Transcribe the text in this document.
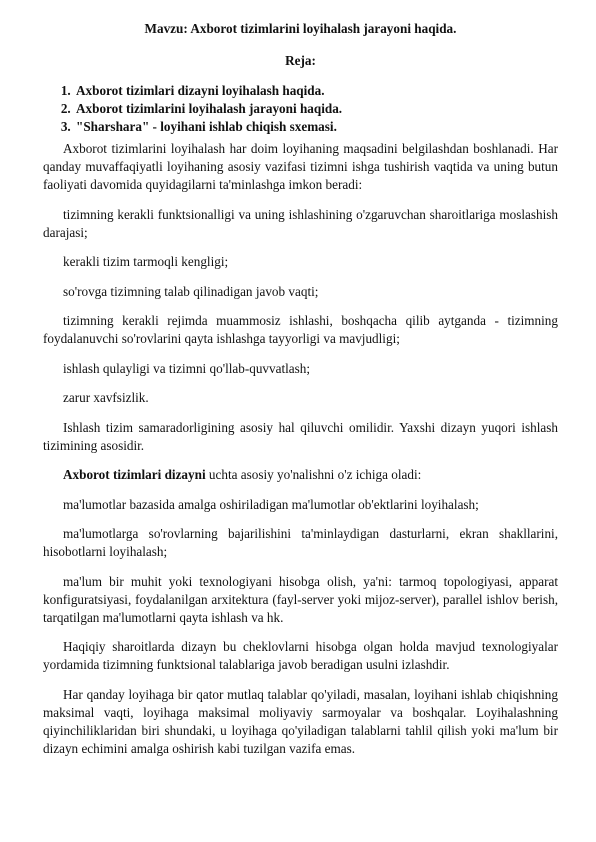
Mavzu: Axborot tizimlarini loyihalash jarayoni haqida.
Reja:
1. Axborot tizimlari dizayni loyihalash haqida.
2. Axborot tizimlarini loyihalash jarayoni haqida.
3. "Sharshara" - loyihani ishlab chiqish sxemasi.

Axborot tizimlarini loyihalash har doim loyihaning maqsadini belgilashdan boshlanadi. Har qanday muvaffaqiyatli loyihaning asosiy vazifasi tizimni ishga tushirish vaqtida va uning butun faoliyati davomida quyidagilarni ta'minlashga imkon beradi:

tizimning kerakli funktsionalligi va uning ishlashining o'zgaruvchan sharoitlariga moslashish darajasi;

kerakli tizim tarmoqli kengligi;

so'rovga tizimning talab qilinadigan javob vaqti;

tizimning kerakli rejimda muammosiz ishlashi, boshqacha qilib aytganda - tizimning foydalanuvchi so'rovlarini qayta ishlashga tayyorligi va mavjudligi;

ishlash qulayligi va tizimni qo'llab-quvvatlash;

zarur xavfsizlik.

Ishlash tizim samaradorligining asosiy hal qiluvchi omilidir. Yaxshi dizayn yuqori ishlash tizimining asosidir.

Axborot tizimlari dizayni uchta asosiy yo'nalishni o'z ichiga oladi:

ma'lumotlar bazasida amalga oshiriladigan ma'lumotlar ob'ektlarini loyihalash;

ma'lumotlarga so'rovlarning bajarilishini ta'minlaydigan dasturlarni, ekran shakllarini, hisobotlarni loyihalash;

ma'lum bir muhit yoki texnologiyani hisobga olish, ya'ni: tarmoq topologiyasi, apparat konfiguratsiyasi, foydalanilgan arxitektura (fayl-server yoki mijoz-server), parallel ishlov berish, tarqatilgan ma'lumotlarni qayta ishlash va hk.

Haqiqiy sharoitlarda dizayn bu cheklovlarni hisobga olgan holda mavjud texnologiyalar yordamida tizimning funktsional talablariga javob beradigan usulni izlashdir.

Har qanday loyihaga bir qator mutlaq talablar qo'yiladi, masalan, loyihani ishlab chiqishning maksimal vaqti, loyihaga maksimal moliyaviy sarmoyalar va boshqalar. Loyihalashning qiyinchiliklaridan biri shundaki, u loyihaga qo'yiladigan talablarni tahlil qilish yoki ma'lum bir dizayn echimini amalga oshirish kabi tuzilgan vazifa emas.
